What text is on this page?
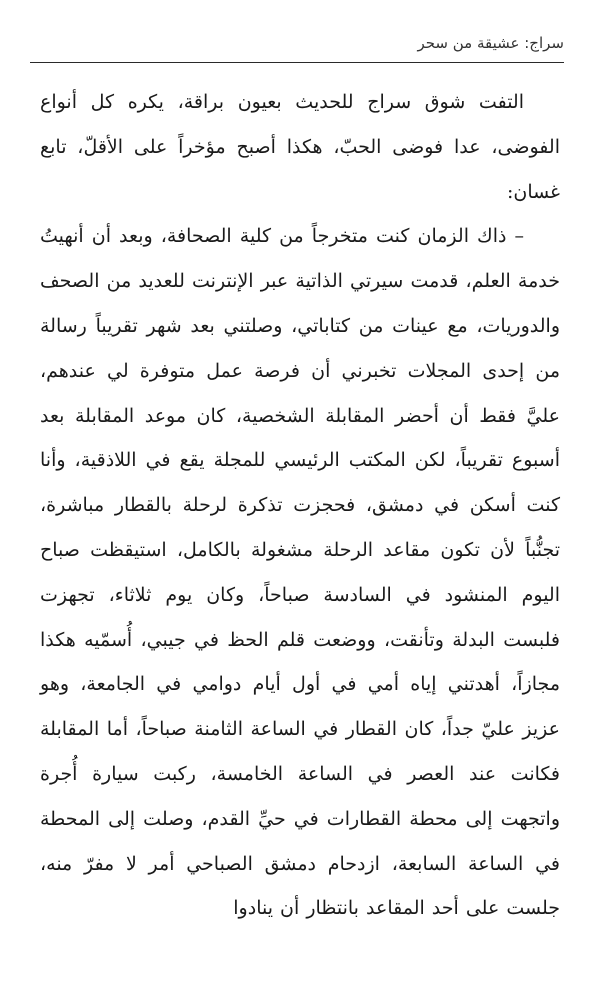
سراج: عشيقة من سحر

التفت شوق سراج للحديث بعيون براقة، يكره كل أنواع الفوضى، عدا فوضى الحبّ، هكذا أصبح مؤخراً على الأقلّ، تابع غسان:

– ذاك الزمان كنت متخرجاً من كلية الصحافة، وبعد أن أنهيتُ خدمة العلم، قدمت سيرتي الذاتية عبر الإنترنت للعديد من الصحف والدوريات، مع عينات من كتاباتي، وصلتني بعد شهر تقريباً رسالة من إحدى المجلات تخبرني أن فرصة عمل متوفرة لي عندهم، عليَّ فقط أن أحضر المقابلة الشخصية، كان موعد المقابلة بعد أسبوع تقريباً، لكن المكتب الرئيسي للمجلة يقع في اللاذقية، وأنا كنت أسكن في دمشق، فحجزت تذكرة لرحلة بالقطار مباشرة، تجنُّباً لأن تكون مقاعد الرحلة مشغولة بالكامل، استيقظت صباح اليوم المنشود في السادسة صباحاً، وكان يوم ثلاثاء، تجهزت فلبست البدلة وتأنقت، ووضعت قلم الحظ في جيبي، أُسمّيه هكذا مجازاً، أهدتني إياه أمي في أول أيام دوامي في الجامعة، وهو عزيز عليّ جداً، كان القطار في الساعة الثامنة صباحاً، أما المقابلة فكانت عند العصر في الساعة الخامسة، ركبت سيارة أُجرة واتجهت إلى محطة القطارات في حيِّ القدم، وصلت إلى المحطة في الساعة السابعة، ازدحام دمشق الصباحي أمر لا مفرّ منه، جلست على أحد المقاعد بانتظار أن ينادوا
